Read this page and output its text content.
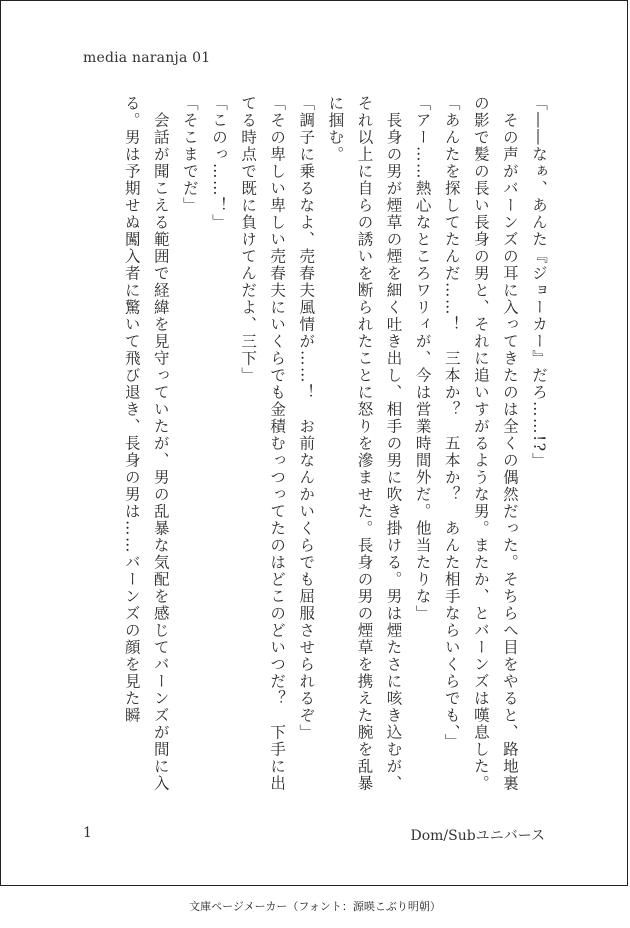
media naranja 01

「――なぁ、あんた『ジョーカー』だろ……!?」

　その声がバーンズの耳に入ってきたのは全くの偶然だった。そちらへ目をやると、路地裏の影で髪の長い長身の男と、それに追いすがるような男。またか、とバーンズは嘆息した。

「あんたを探してたんだ……！　三本か？　五本か？　あんた相手ならいくらでも、」

「アー……熱心なところワリィが、今は営業時間外だ。他当たりな」

　長身の男が煙草の煙を細く吐き出し、相手の男に吹き掛ける。男は煙たさに咳き込むが、それ以上に自らの誘いを断られたことに怒りを滲ませた。長身の男の煙草を携えた腕を乱暴に掴む。

「調子に乗るなよ、売春夫風情が……！　お前なんかいくらでも屈服させられるぞ」

「その卑しい卑しい売春夫にいくらでも金積むっつってたのはどこのどいつだ？　下手に出てる時点で既に負けてんだよ、三下」

「このっ……！」

「そこまでだ」

　会話が聞こえる範囲で経緯を見守っていたが、男の乱暴な気配を感じてバーンズが間に入る。男は予期せぬ闖入者に驚いて飛び退き、長身の男は……バーンズの顔を見た瞬

1	Dom/Subユニバース
文庫ページメーカー（フォント：源暎こぶり明朝）
